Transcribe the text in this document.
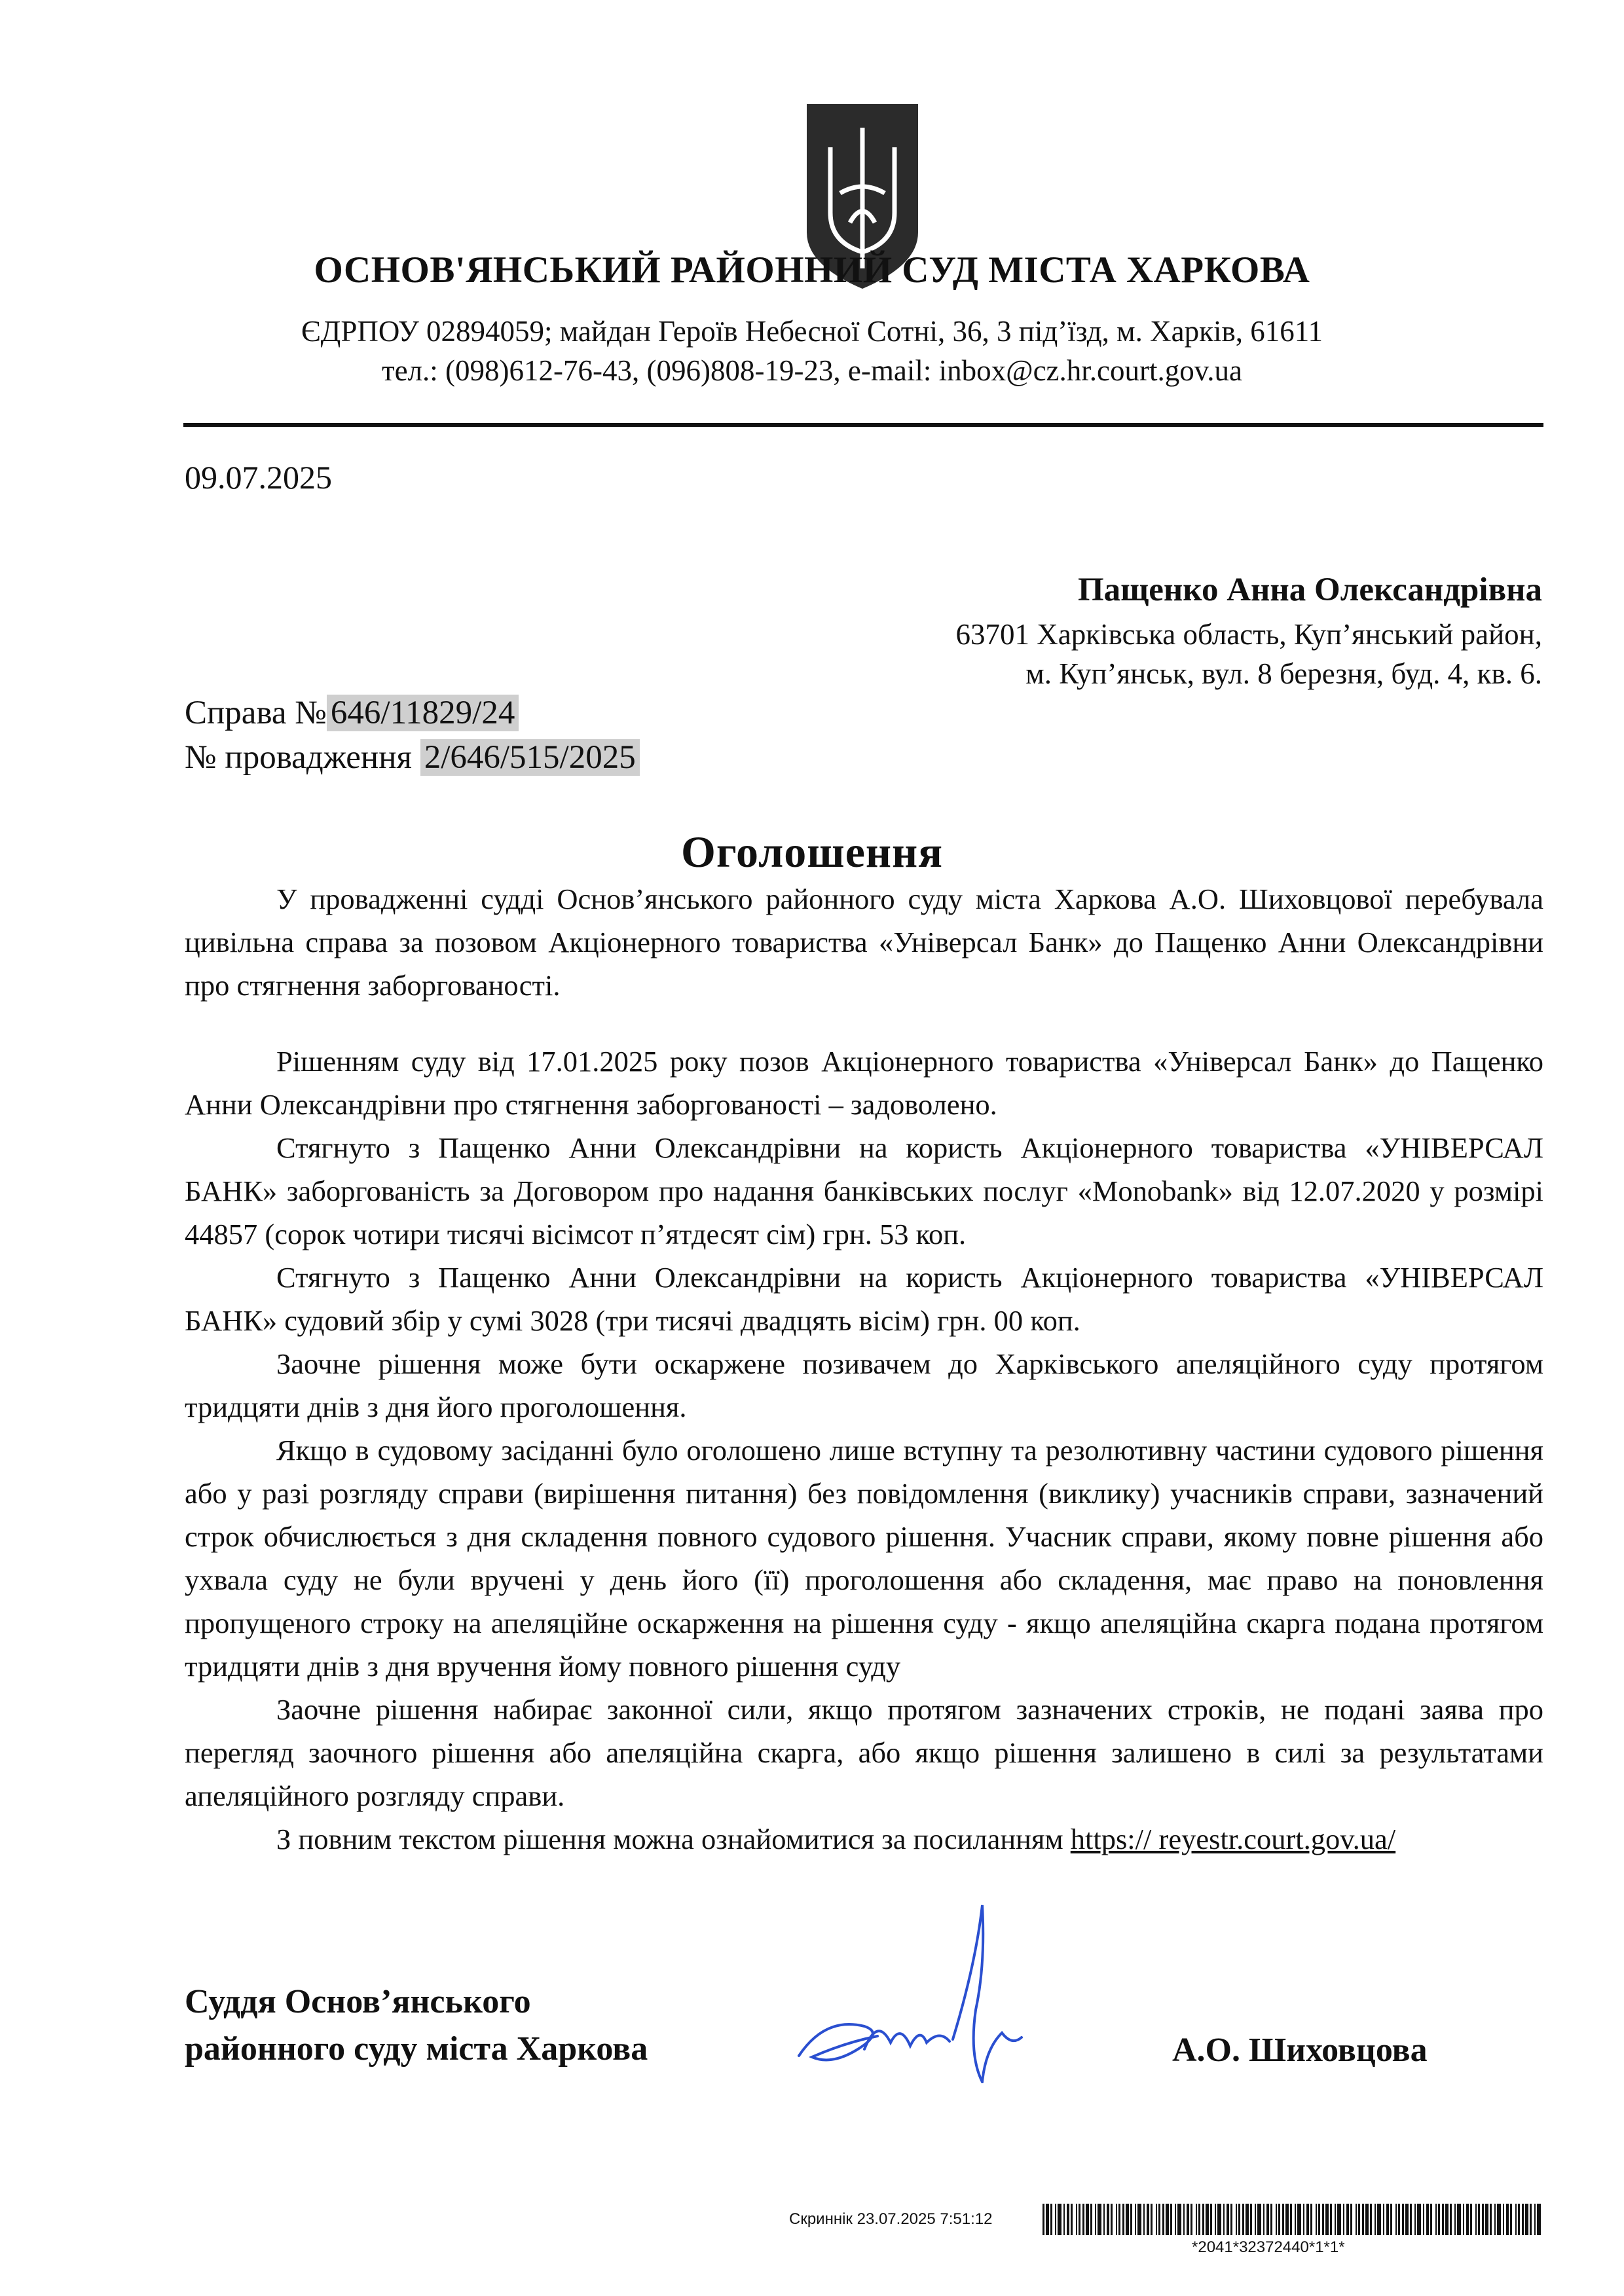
ОСНОВ'ЯНСЬКИЙ РАЙОННИЙ СУД МІСТА ХАРКОВА
ЄДРПОУ 02894059; майдан Героїв Небесної Сотні, 36, 3 під’їзд, м. Харків, 61611
тел.: (098)612-76-43, (096)808-19-23, e-mail: inbox@cz.hr.court.gov.ua
09.07.2025
Пащенко Анна Олександрівна
63701 Харківська область, Куп’янський район,
м. Куп’янськ, вул. 8 березня, буд. 4, кв. 6.
Справа № 646/11829/24
№ провадження 2/646/515/2025
Оголошення

У провадженні судді Основ’янського районного суду міста Харкова А.О. Шиховцової перебувала цивільна справа за позовом Акціонерного товариства «Універсал Банк» до Пащенко Анни Олександрівни про стягнення заборгованості.

Рішенням суду від 17.01.2025 року позов Акціонерного товариства «Універсал Банк» до Пащенко Анни Олександрівни про стягнення заборгованості – задоволено.

Стягнуто з Пащенко Анни Олександрівни на користь Акціонерного товариства «УНІВЕРСАЛ БАНК» заборгованість за Договором про надання банківських послуг «Monobank» від 12.07.2020 у розмірі 44857 (сорок чотири тисячі вісімсот п’ятдесят сім) грн. 53 коп.

Стягнуто з Пащенко Анни Олександрівни на користь Акціонерного товариства «УНІВЕРСАЛ БАНК» судовий збір у сумі 3028 (три тисячі двадцять вісім) грн. 00 коп.

Заочне рішення може бути оскаржене позивачем до Харківського апеляційного суду протягом тридцяти днів з дня його проголошення.

Якщо в судовому засіданні було оголошено лише вступну та резолютивну частини судового рішення або у разі розгляду справи (вирішення питання) без повідомлення (виклику) учасників справи, зазначений строк обчислюється з дня складення повного судового рішення. Учасник справи, якому повне рішення або ухвала суду не були вручені у день його (її) проголошення або складення, має право на поновлення пропущеного строку на апеляційне оскарження на рішення суду - якщо апеляційна скарга подана протягом тридцяти днів з дня вручення йому повного рішення суду

Заочне рішення набирає законної сили, якщо протягом зазначених строків, не подані заява про перегляд заочного рішення або апеляційна скарга, або якщо рішення залишено в силі за результатами апеляційного розгляду справи.

З повним текстом рішення можна ознайомитися за посиланням https:// reyestr.court.gov.ua/

Суддя Основ’янського
районного суду міста Харкова	А.О. Шиховцова
Скриннік 23.07.2025 7:51:12
*2041*32372440*1*1*
